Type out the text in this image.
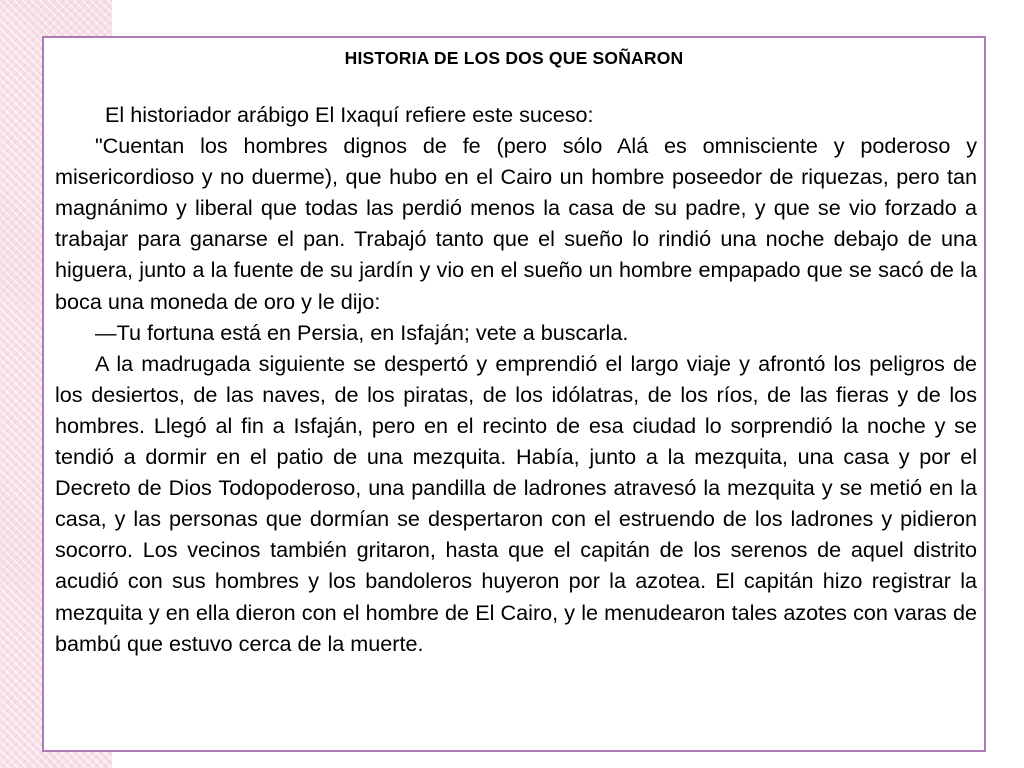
HISTORIA DE LOS DOS QUE SOÑARON

El historiador arábigo El Ixaquí refiere este suceso:

"Cuentan los hombres dignos de fe (pero sólo Alá es omnisciente y poderoso y misericordioso y no duerme), que hubo en el Cairo un hombre poseedor de riquezas, pero tan magnánimo y liberal que todas las perdió menos la casa de su padre, y que se vio forzado a trabajar para ganarse el pan. Trabajó tanto que el sueño lo rindió una noche debajo de una higuera, junto a la fuente de su jardín y vio en el sueño un hombre empapado que se sacó de la boca una moneda de oro y le dijo:

—Tu fortuna está en Persia, en Isfaján; vete a buscarla.

A la madrugada siguiente se despertó y emprendió el largo viaje y afrontó los peligros de los desiertos, de las naves, de los piratas, de los idólatras, de los ríos, de las fieras y de los hombres. Llegó al fin a Isfaján, pero en el recinto de esa ciudad lo sorprendió la noche y se tendió a dormir en el patio de una mezquita. Había, junto a la mezquita, una casa y por el Decreto de Dios Todopoderoso, una pandilla de ladrones atravesó la mezquita y se metió en la casa, y las personas que dormían se despertaron con el estruendo de los ladrones y pidieron socorro. Los vecinos también gritaron, hasta que el capitán de los serenos de aquel distrito acudió con sus hombres y los bandoleros huyeron por la azotea. El capitán hizo registrar la mezquita y en ella dieron con el hombre de El Cairo, y le menudearon tales azotes con varas de bambú que estuvo cerca de la muerte.
